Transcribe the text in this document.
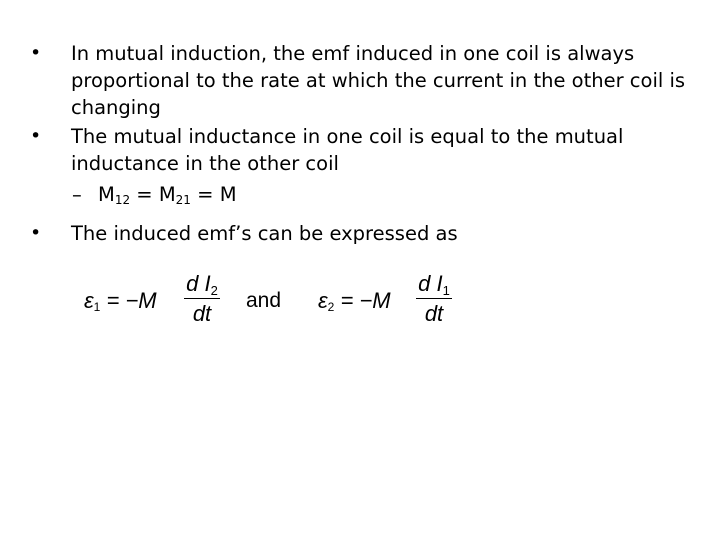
•	In mutual induction, the emf induced in one coil is always proportional to the rate at which the current in the other coil is changing
•	The mutual inductance in one coil is equal to the mutual inductance in the other coil
– $M_{12} = M_{21} = M$
•	The induced emf’s can be expressed as
ε1 = −M
d I2
dt
and ε2 = −M
d I1
dt
